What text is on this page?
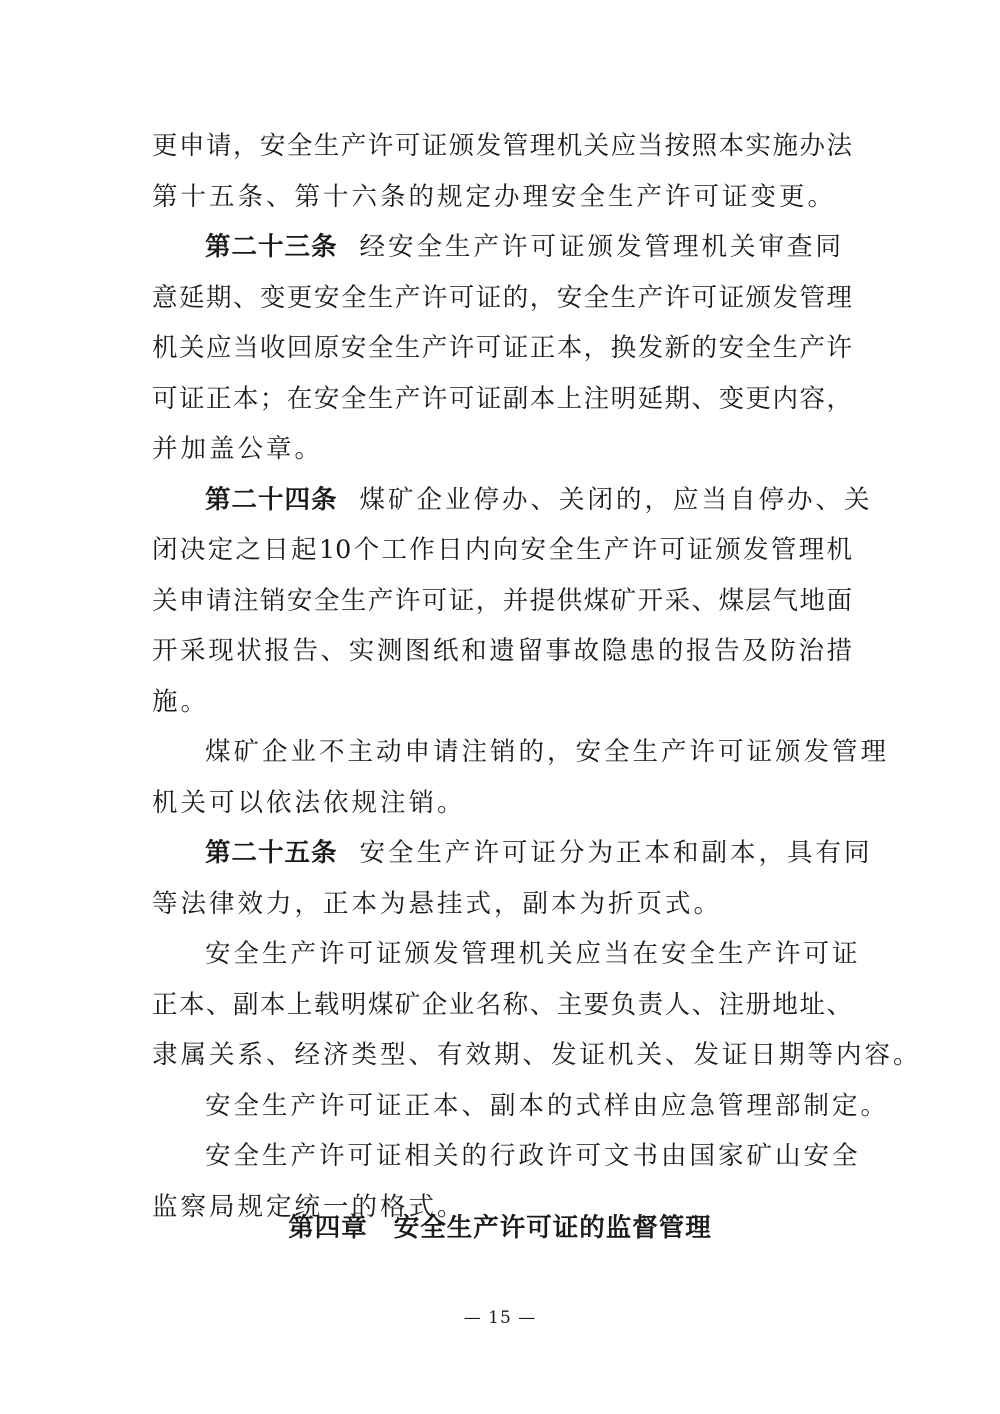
更申请，安全生产许可证颁发管理机关应当按照本实施办法
第十五条、第十六条的规定办理安全生产许可证变更。
第二十三条 经安全生产许可证颁发管理机关审查同
意延期、变更安全生产许可证的，安全生产许可证颁发管理
机关应当收回原安全生产许可证正本，换发新的安全生产许
可证正本；在安全生产许可证副本上注明延期、变更内容，
并加盖公章。
第二十四条 煤矿企业停办、关闭的，应当自停办、关
闭决定之日起10个工作日内向安全生产许可证颁发管理机
关申请注销安全生产许可证，并提供煤矿开采、煤层气地面
开采现状报告、实测图纸和遗留事故隐患的报告及防治措
施。
煤矿企业不主动申请注销的，安全生产许可证颁发管理
机关可以依法依规注销。
第二十五条 安全生产许可证分为正本和副本，具有同
等法律效力，正本为悬挂式，副本为折页式。
安全生产许可证颁发管理机关应当在安全生产许可证
正本、副本上载明煤矿企业名称、主要负责人、注册地址、
隶属关系、经济类型、有效期、发证机关、发证日期等内容。
安全生产许可证正本、副本的式样由应急管理部制定。
安全生产许可证相关的行政许可文书由国家矿山安全
监察局规定统一的格式。
第四章 安全生产许可证的监督管理
— 15 —
